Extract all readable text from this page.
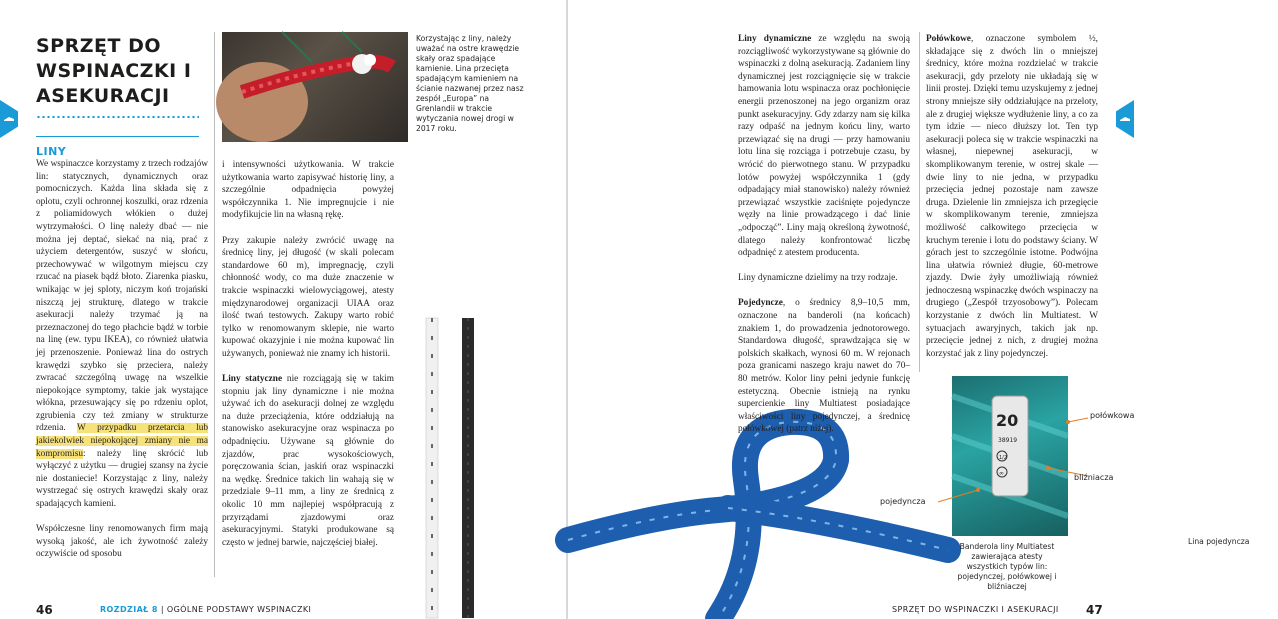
SPRZĘT DO WSPINACZKI I ASEKURACJI
LINY

We wspinaczce korzystamy z trzech rodzajów lin: statycznych, dynamicznych oraz pomocniczych. Każda lina składa się z oplotu, czyli ochronnej koszulki, oraz rdzenia z poliamidowych włókien o dużej wytrzymałości. O linę należy dbać — nie można jej deptać, siekać na nią, prać z użyciem detergentów, suszyć w słońcu, przechowywać w wilgotnym miejscu czy rzucać na piasek bądź błoto. Ziarenka piasku, wnikając w jej sploty, niczym koń trojański niszczą jej strukturę, dlatego w trakcie asekuracji należy trzymać ją na przeznaczonej do tego płachcie bądź w torbie na linę (ew. typu IKEA), co również ułatwia jej przenoszenie. Ponieważ lina do ostrych krawędzi szybko się przeciera, należy zwracać szczególną uwagę na wszelkie niepokojące symptomy, takie jak wystające włókna, przesuwający się po rdzeniu oplot, zgrubienia czy też zmiany w strukturze rdzenia. W przypadku przetarcia lub jakiekolwiek niepokojącej zmiany nie ma kompromisu: należy linę skrócić lub wyłączyć z użytku — drugiej szansy na życie nie dostaniecie! Korzystając z liny, należy wystrzegać się ostrych krawędzi skały oraz spadających kamieni.

Współczesne liny renomowanych firm mają wysoką jakość, ale ich żywotność zależy oczywiście od sposobu

Korzystając z liny, należy uważać na ostre krawędzie skały oraz spadające kamienie. Lina przecięta spadającym kamieniem na ścianie nazwanej przez nasz zespół „Europa” na Grenlandii w trakcie wytyczania nowej drogi w 2017 roku.

i intensywności użytkowania. W trakcie użytkowania warto zapisywać historię liny, a szczególnie odpadnięcia powyżej współczynnika 1. Nie impregnujcie i nie modyfikujcie lin na własną rękę.

Przy zakupie należy zwrócić uwagę na średnicę liny, jej długość (w skali polecam standardowe 60 m), impregnację, czyli chłonność wody, co ma duże znaczenie w trakcie wspinaczki wielowyciągowej, atesty międzynarodowej organizacji UIAA oraz ilość twań testowych. Zakupy warto robić tylko w renomowanym sklepie, nie warto kupować okazyjnie i nie można kupować lin używanych, ponieważ nie znamy ich historii.

Liny statyczne nie rozciągają się w takim stopniu jak liny dynamiczne i nie można używać ich do asekuracji dolnej ze względu na duże przeciążenia, które oddziałują na stanowisko asekuracyjne oraz wspinacza po odpadnięciu. Używane są głównie do zjazdów, prac wysokościowych, poręczowania ścian, jaskiń oraz wspinaczki na wędkę. Średnice takich lin wahają się w przedziale 9–11 mm, a liny ze średnicą z okolic 10 mm najlepiej współpracują z przyrządami zjazdowymi oraz asekuracyjnymi. Statyki produkowane są często w jednej barwie, najczęściej białej.

46	ROZDZIAŁ 8 | OGÓLNE PODSTAWY WSPINACZKI
Lina pojedyncza

Liny dynamiczne ze względu na swoją rozciągliwość wykorzystywane są głównie do wspinaczki z dolną asekuracją. Zadaniem liny dynamicznej jest rozciągnięcie się w trakcie hamowania lotu wspinacza oraz pochłonięcie energii przenoszonej na jego organizm oraz punkt asekuracyjny. Gdy zdarzy nam się kilka razy odpaść na jednym końcu liny, warto przewiązać się na drugi — przy hamowaniu lotu lina się rozciąga i potrzebuje czasu, by wrócić do pierwotnego stanu. W przypadku lotów powyżej współczynnika 1 (gdy odpadający miał stanowisko) należy również przewiązać wszystkie zaciśnięte pojedyncze węzły na linie prowadzącego i dać linie „odpocząć”. Liny mają określoną żywotność, dlatego należy konfrontować liczbę odpadnięć z atestem producenta.

Liny dynamiczne dzielimy na trzy rodzaje.

Pojedyncze, o średnicy 8,9–10,5 mm, oznaczone na banderoli (na końcach) znakiem 1, do prowadzenia jednotorowego. Standardowa długość, sprawdzająca się w polskich skałkach, wynosi 60 m. W rejonach poza granicami naszego kraju nawet do 70–80 metrów. Kolor liny pełni jedynie funkcję estetyczną. Obecnie istnieją na rynku supercienkie liny Multiatest posiadające właściwości liny pojedynczej, a średnicę połówkowej (patrz niżej).

Połówkowe, oznaczone symbolem ½, składające się z dwóch lin o mniejszej średnicy, które można rozdzielać w trakcie asekuracji, gdy przeloty nie układają się w linii prostej. Dzięki temu uzyskujemy z jednej strony mniejsze siły oddziałujące na przeloty, ale z drugiej większe wydłużenie liny, a co za tym idzie — nieco dłuższy lot. Ten typ asekuracji poleca się w trakcie wspinaczki na własnej, niepewnej asekuracji, w skomplikowanym terenie, w ostrej skale — dwie liny to nie jedna, w przypadku przecięcia jednej pozostaje nam zawsze druga. Dzielenie lin zmniejsza ich przegięcie w skomplikowanym terenie, zmniejsza możliwość całkowitego przecięcia w kruchym terenie i lotu do podstawy ściany. W górach jest to szczególnie istotne. Podwójna lina ułatwia również długie, 60-metrowe zjazdy. Dwie żyły umożliwiają również jednoczesną wspinaczkę dwóch wspinaczy na drugiego („Zespół trzyosobowy”). Polecam korzystanie z dwóch lin Multiatest. W sytuacjach awaryjnych, takich jak np. przecięcie jednej z nich, z drugiej można korzystać jak z liny pojedynczej.

20
38919
1/2
∞
Banderola liny Multiatest zawierająca atesty wszystkich typów lin: pojedynczej, połówkowej i bliźniaczej
połówkowa
bliźniacza
pojedyncza
SPRZĘT DO WSPINACZKI I ASEKURACJI 47
